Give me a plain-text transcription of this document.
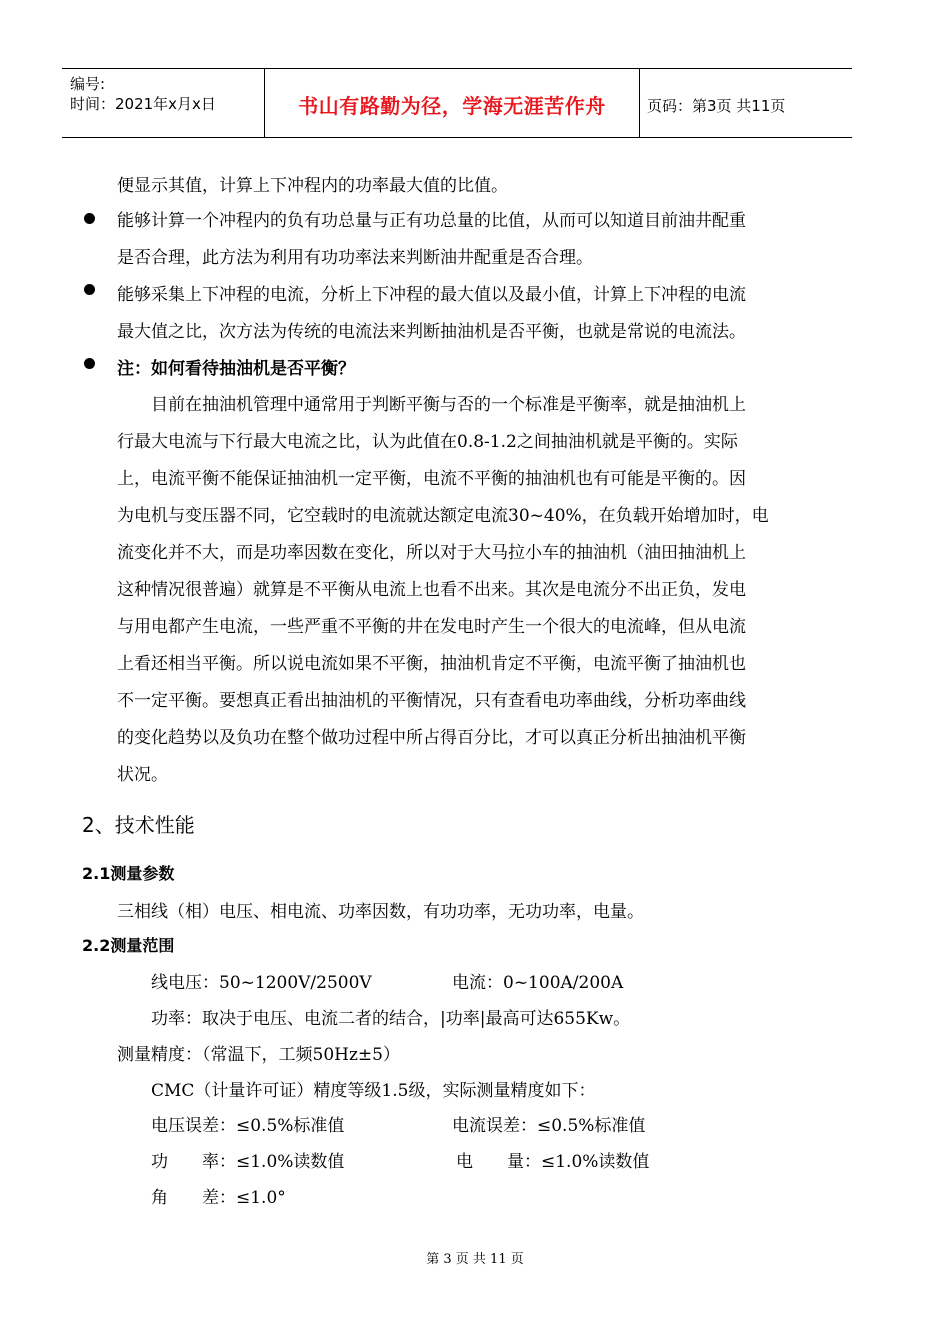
编号:
时间：2021年x月x日	书山有路勤为径，学海无涯苦作舟	页码：第3页 共11页
便显示其值，计算上下冲程内的功率最大值的比值。
能够计算一个冲程内的负有功总量与正有功总量的比值，从而可以知道目前油井配重
是否合理，此方法为利用有功功率法来判断油井配重是否合理。
能够采集上下冲程的电流，分析上下冲程的最大值以及最小值，计算上下冲程的电流
最大值之比，次方法为传统的电流法来判断抽油机是否平衡，也就是常说的电流法。
注：如何看待抽油机是否平衡？
目前在抽油机管理中通常用于判断平衡与否的一个标准是平衡率，就是抽油机上
行最大电流与下行最大电流之比，认为此值在0.8-1.2之间抽油机就是平衡的。实际
上，电流平衡不能保证抽油机一定平衡，电流不平衡的抽油机也有可能是平衡的。因
为电机与变压器不同，它空载时的电流就达额定电流30~40%，在负载开始增加时，电
流变化并不大，而是功率因数在变化，所以对于大马拉小车的抽油机（油田抽油机上
这种情况很普遍）就算是不平衡从电流上也看不出来。其次是电流分不出正负，发电
与用电都产生电流，一些严重不平衡的井在发电时产生一个很大的电流峰，但从电流
上看还相当平衡。所以说电流如果不平衡，抽油机肯定不平衡，电流平衡了抽油机也
不一定平衡。要想真正看出抽油机的平衡情况，只有查看电功率曲线，分析功率曲线
的变化趋势以及负功在整个做功过程中所占得百分比，才可以真正分析出抽油机平衡
状况。
2、技术性能
2.1测量参数
三相线（相）电压、相电流、功率因数，有功功率，无功功率，电量。
2.2测量范围
线电压：50~1200V/2500V	电流：0~100A/200A
功率：取决于电压、电流二者的结合，|功率|最高可达655Kw。
测量精度：（常温下，工频50Hz±5）
CMC（计量许可证）精度等级1.5级，实际测量精度如下：
电压误差：≤0.5%标准值	电流误差：≤0.5%标准值
功　　率：≤1.0%读数值	电　　量：≤1.0%读数值
角　　差：≤1.0°
第 3 页 共 11 页
